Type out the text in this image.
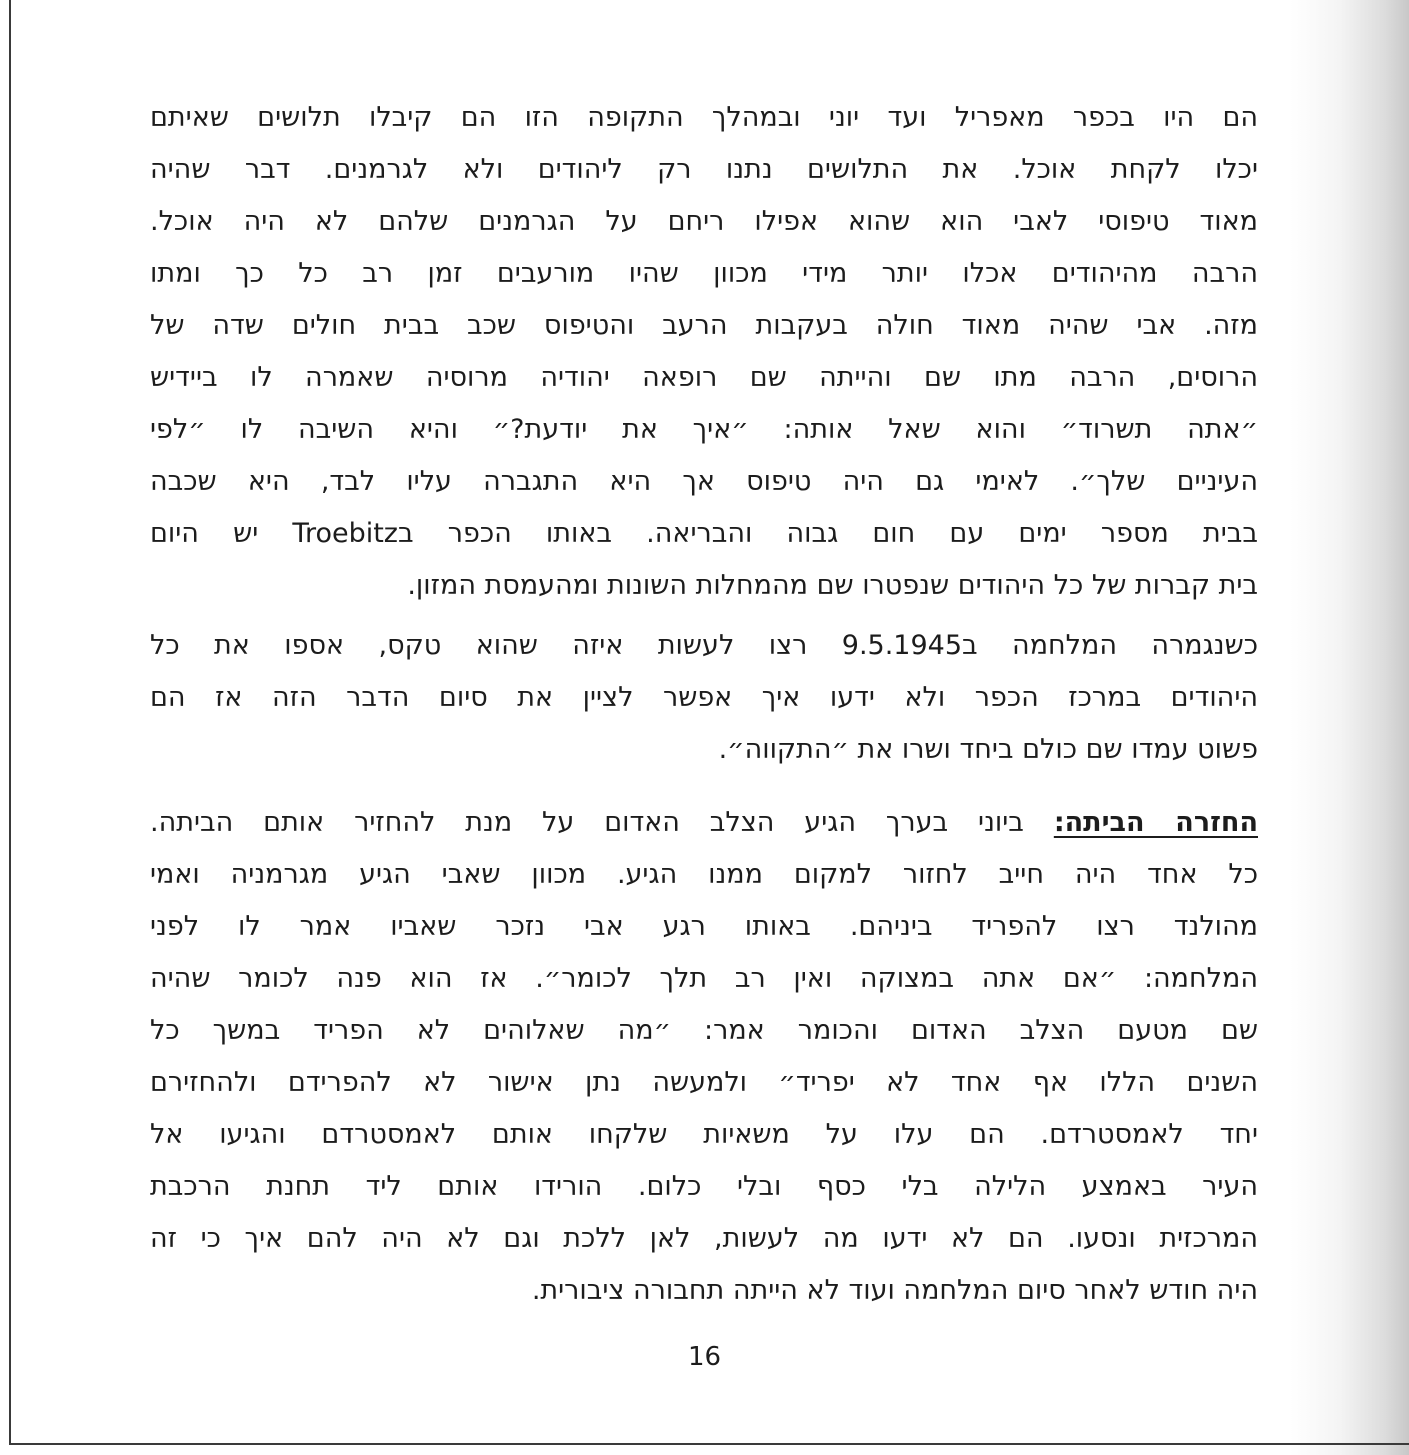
הם היו בכפר מאפריל ועד יוני ובמהלך התקופה הזו הם קיבלו תלושים שאיתם
יכלו לקחת אוכל. את התלושים נתנו רק ליהודים ולא לגרמנים. דבר שהיה
מאוד טיפוסי לאבי הוא שהוא אפילו ריחם על הגרמנים שלהם לא היה אוכל.
הרבה מהיהודים אכלו יותר מידי מכוון שהיו מורעבים זמן רב כל כך ומתו
מזה. אבי שהיה מאוד חולה בעקבות הרעב והטיפוס שכב בבית חולים שדה של
הרוסים, הרבה מתו שם והייתה שם רופאה יהודיה מרוסיה שאמרה לו ביידיש
״אתה תשרוד״ והוא שאל אותה: ״איך את יודעת?״ והיא השיבה לו ״לפי
העיניים שלך״. לאימי גם היה טיפוס אך היא התגברה עליו לבד, היא שכבה
בבית מספר ימים עם חום גבוה והבריאה. באותו הכפר בTroebitz יש היום
בית קברות של כל היהודים שנפטרו שם מהמחלות השונות ומהעמסת המזון.
כשנגמרה המלחמה ב9.5.1945 רצו לעשות איזה שהוא טקס, אספו את כל
היהודים במרכז הכפר ולא ידעו איך אפשר לציין את סיום הדבר הזה אז הם
פשוט עמדו שם כולם ביחד ושרו את ״התקווה״.
החזרה הביתה: ביוני בערך הגיע הצלב האדום על מנת להחזיר אותם הביתה.
כל אחד היה חייב לחזור למקום ממנו הגיע. מכוון שאבי הגיע מגרמניה ואמי
מהולנד רצו להפריד ביניהם. באותו רגע אבי נזכר שאביו אמר לו לפני
המלחמה: ״אם אתה במצוקה ואין רב תלך לכומר״. אז הוא פנה לכומר שהיה
שם מטעם הצלב האדום והכומר אמר: ״מה שאלוהים לא הפריד במשך כל
השנים הללו אף אחד לא יפריד״ ולמעשה נתן אישור לא להפרידם ולהחזירם
יחד לאמסטרדם. הם עלו על משאיות שלקחו אותם לאמסטרדם והגיעו אל
העיר באמצע הלילה בלי כסף ובלי כלום. הורידו אותם ליד תחנת הרכבת
המרכזית ונסעו. הם לא ידעו מה לעשות, לאן ללכת וגם לא היה להם איך כי זה
היה חודש לאחר סיום המלחמה ועוד לא הייתה תחבורה ציבורית.
16
